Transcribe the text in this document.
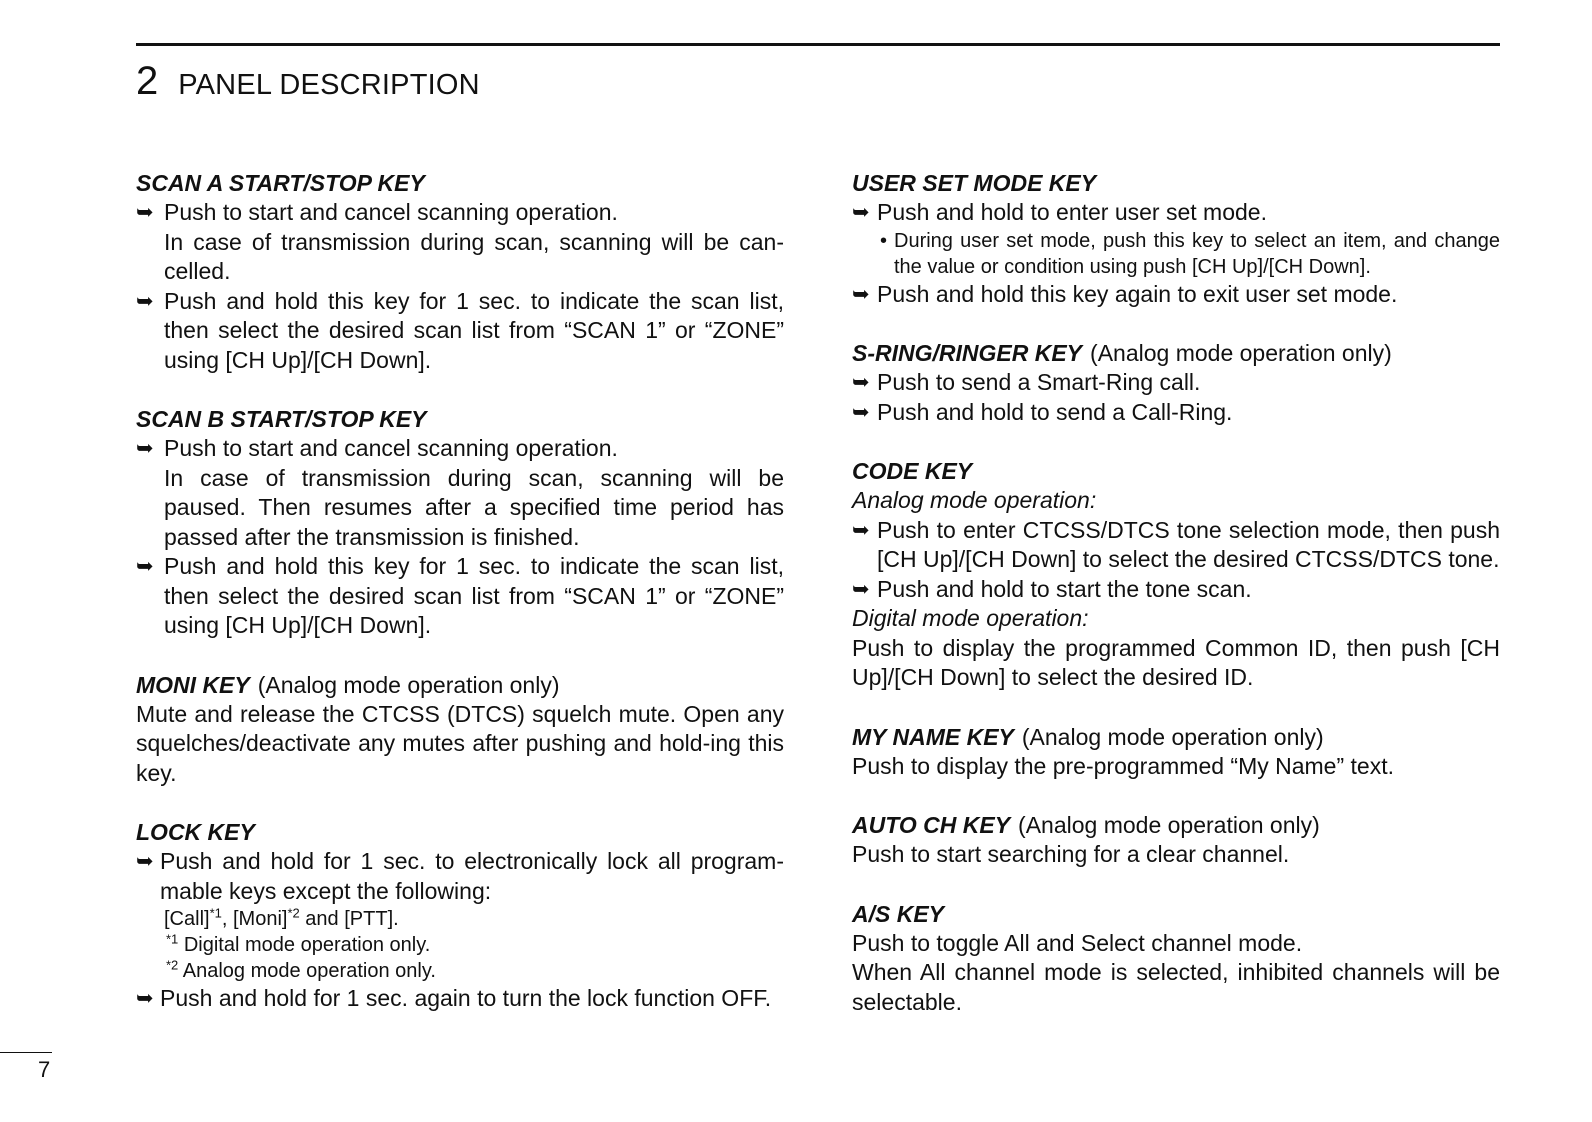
2 PANEL DESCRIPTION
SCAN A START/STOP KEY
➥ Push to start and cancel scanning operation.
In case of transmission during scan, scanning will be can-celled.
➥ Push and hold this key for 1 sec. to indicate the scan list, then select the desired scan list from “SCAN 1” or “ZONE” using [CH Up]/[CH Down].
SCAN B START/STOP KEY
➥ Push to start and cancel scanning operation.
In case of transmission during scan, scanning will be paused. Then resumes after a specified time period has passed after the transmission is finished.
➥ Push and hold this key for 1 sec. to indicate the scan list, then select the desired scan list from “SCAN 1” or “ZONE” using [CH Up]/[CH Down].
MONI KEY (Analog mode operation only)
Mute and release the CTCSS (DTCS) squelch mute. Open any squelches/deactivate any mutes after pushing and hold-ing this key.
LOCK KEY
➥ Push and hold for 1 sec. to electronically lock all program-mable keys except the following:
[Call]$^{*1}$, [Moni]$^{*2}$ and [PTT].
$^{*1}$ Digital mode operation only.
$^{*2}$ Analog mode operation only.
➥ Push and hold for 1 sec. again to turn the lock function OFF.
USER SET MODE KEY
➥ Push and hold to enter user set mode.
• During user set mode, push this key to select an item, and change the value or condition using push [CH Up]/[CH Down].
➥ Push and hold this key again to exit user set mode.
S-RING/RINGER KEY (Analog mode operation only)
➥ Push to send a Smart-Ring call.
➥ Push and hold to send a Call-Ring.
CODE KEY
Analog mode operation:
➥ Push to enter CTCSS/DTCS tone selection mode, then push [CH Up]/[CH Down] to select the desired CTCSS/DTCS tone.
➥ Push and hold to start the tone scan.
Digital mode operation:
Push to display the programmed Common ID, then push [CH Up]/[CH Down] to select the desired ID.
MY NAME KEY (Analog mode operation only)
Push to display the pre-programmed “My Name” text.
AUTO CH KEY (Analog mode operation only)
Push to start searching for a clear channel.
A/S KEY
Push to toggle All and Select channel mode.
When All channel mode is selected, inhibited channels will be selectable.
7
